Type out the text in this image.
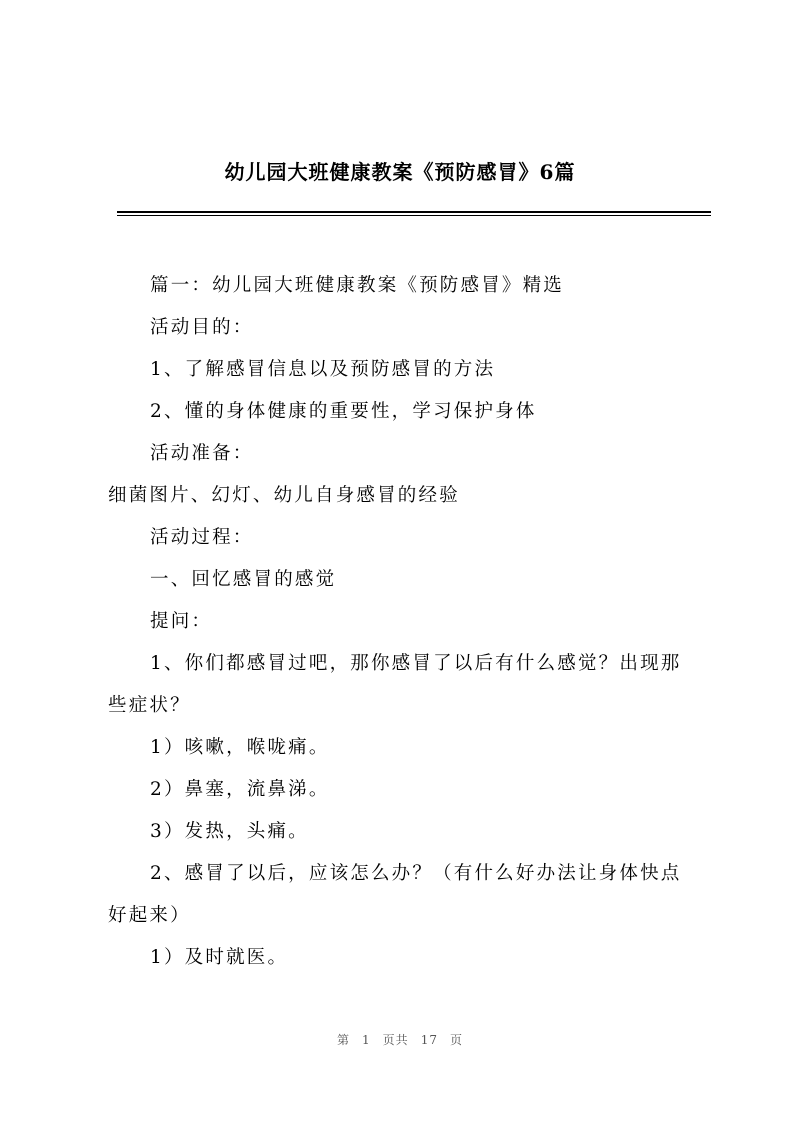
幼儿园大班健康教案《预防感冒》6篇
篇一：幼儿园大班健康教案《预防感冒》精选
活动目的：
1、了解感冒信息以及预防感冒的方法
2、懂的身体健康的重要性，学习保护身体
活动准备：
细菌图片、幻灯、幼儿自身感冒的经验
活动过程：
一、回忆感冒的感觉
提问：
1、你们都感冒过吧，那你感冒了以后有什么感觉？出现那
些症状？
1）咳嗽，喉咙痛。
2）鼻塞，流鼻涕。
3）发热，头痛。
2、感冒了以后，应该怎么办？（有什么好办法让身体快点
好起来）
1）及时就医。
第 1 页共 17 页
